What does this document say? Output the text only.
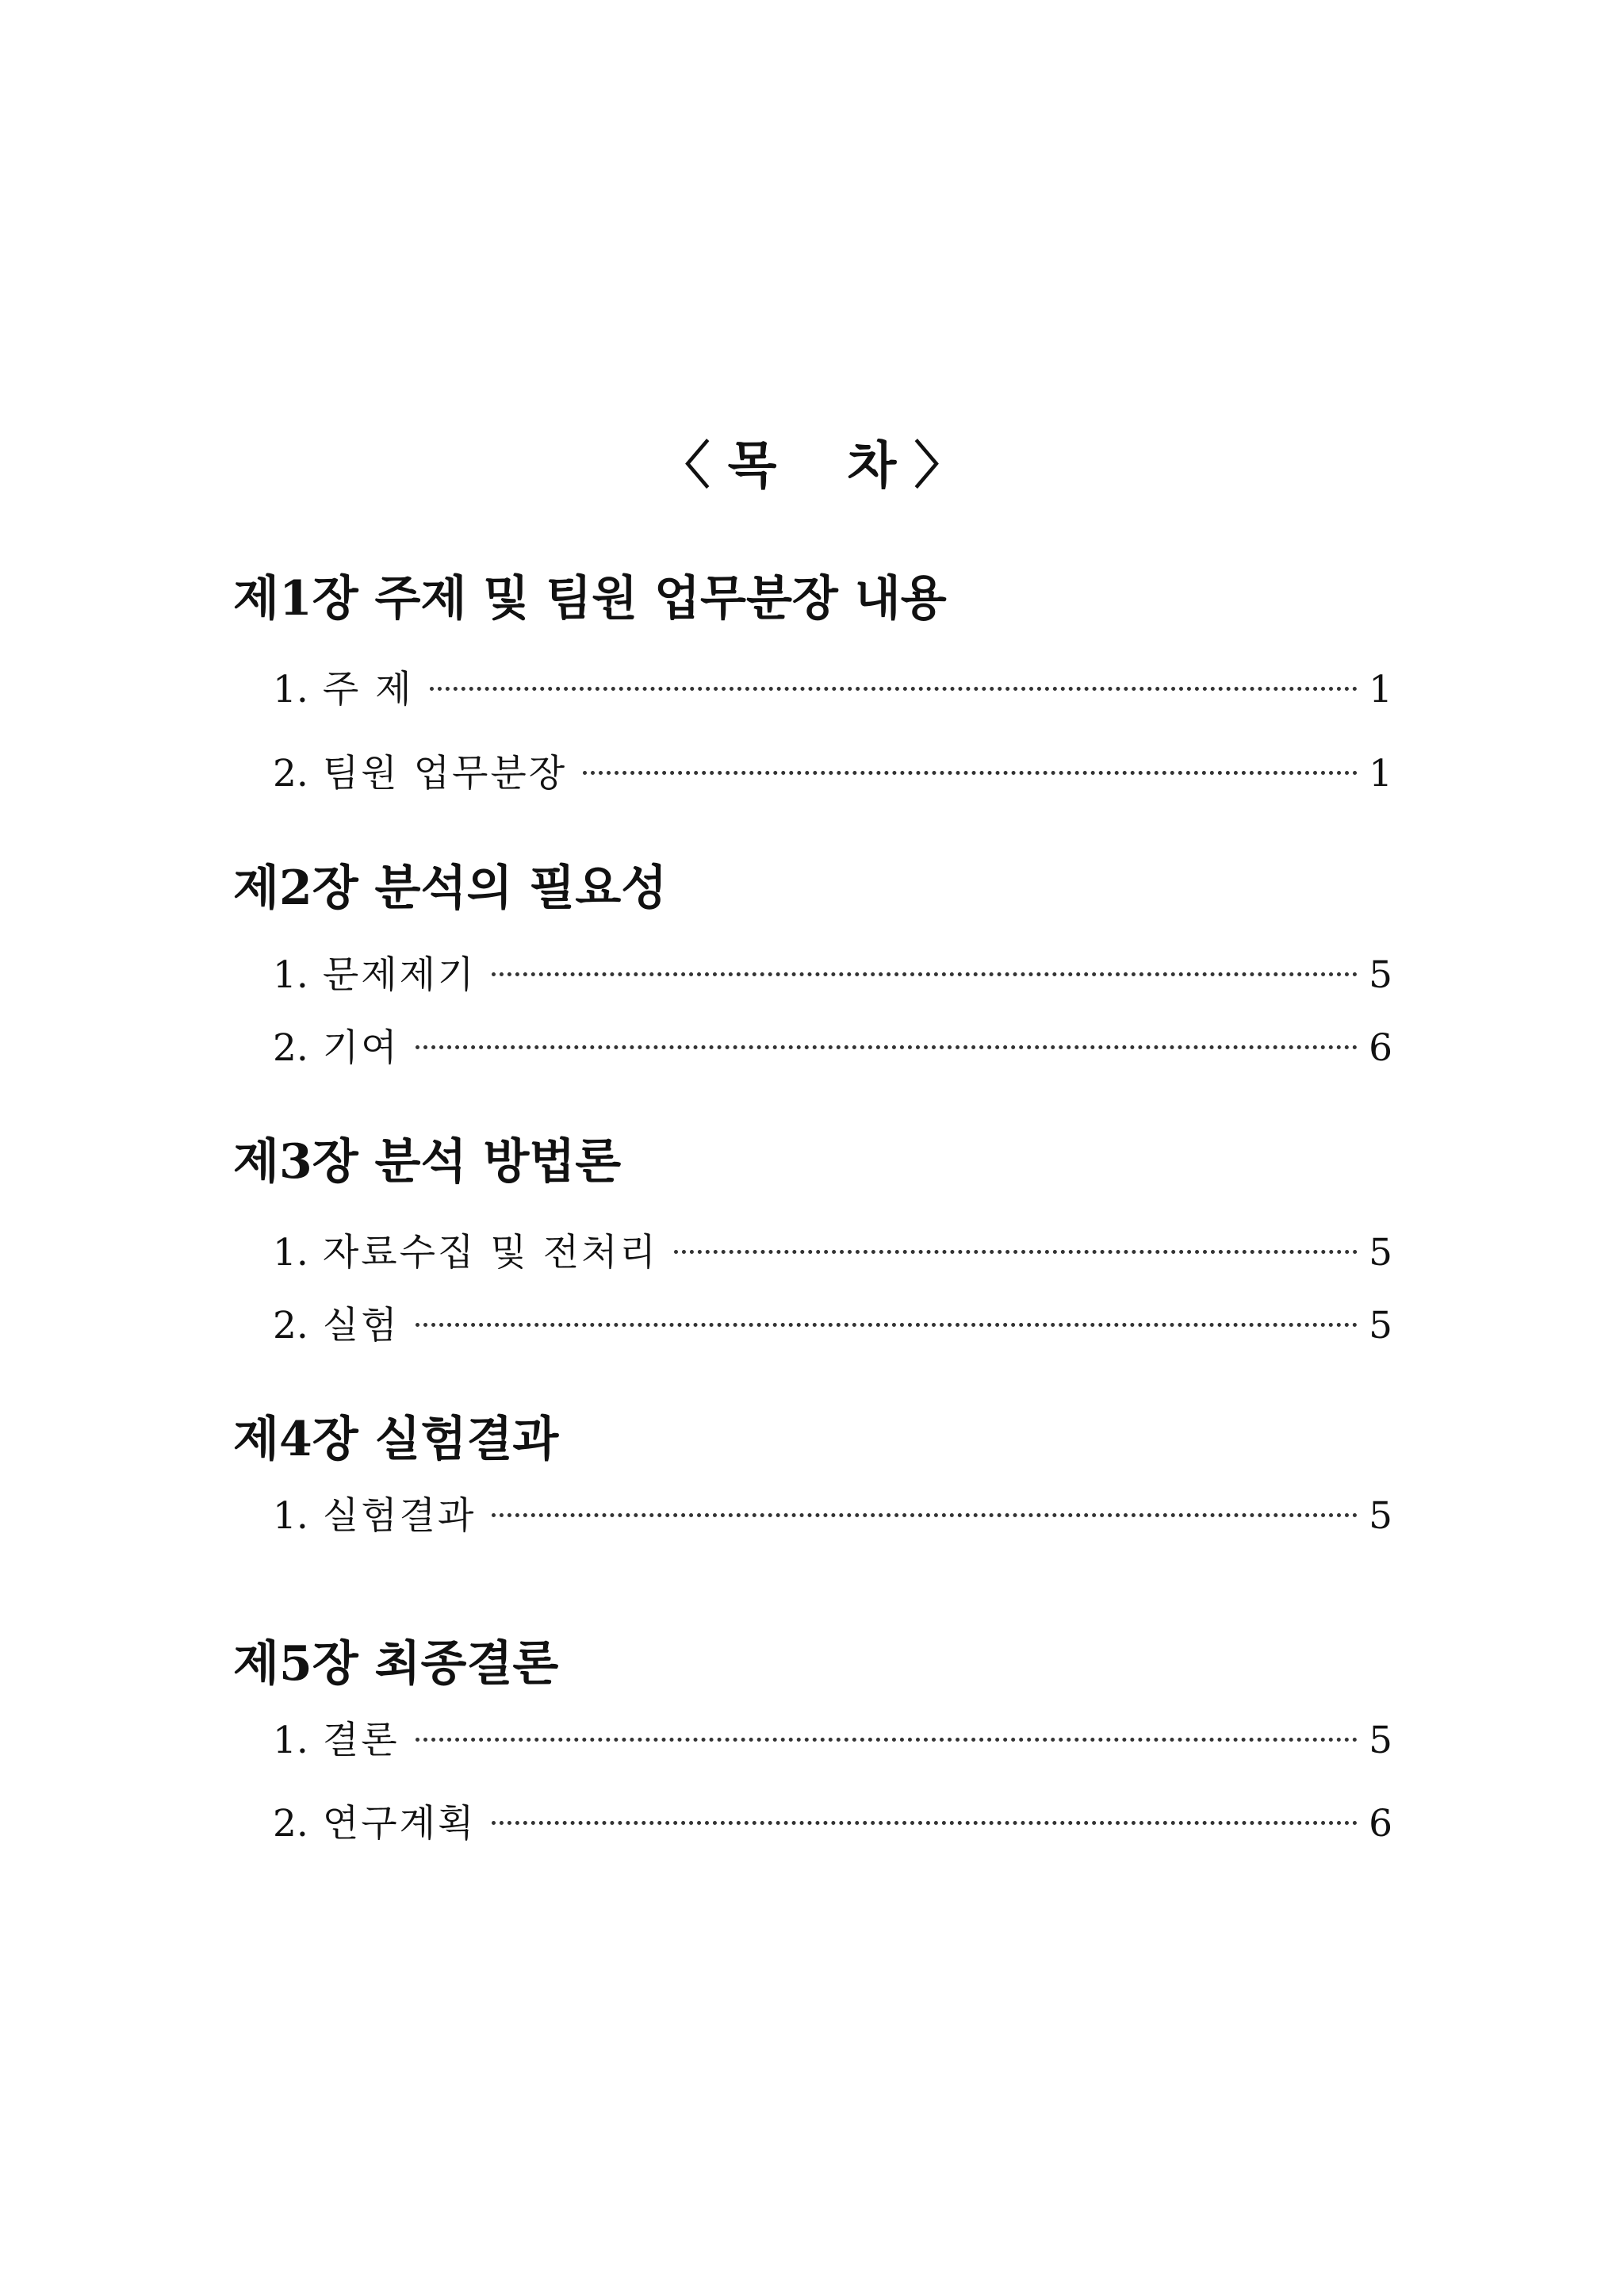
〈 목    차 〉
제1장 주제 및 팀원 업무분장 내용
1. 주 제	1
2. 팀원 업무분장	1
제2장 분석의 필요성
1. 문제제기	5
2. 기여	6
제3장 분석 방법론
1. 자료수집 및 전처리	5
2. 실험	5
제4장 실험결과
1. 실험결과	5
제5장 최종결론
1. 결론	5
2. 연구계획	6
